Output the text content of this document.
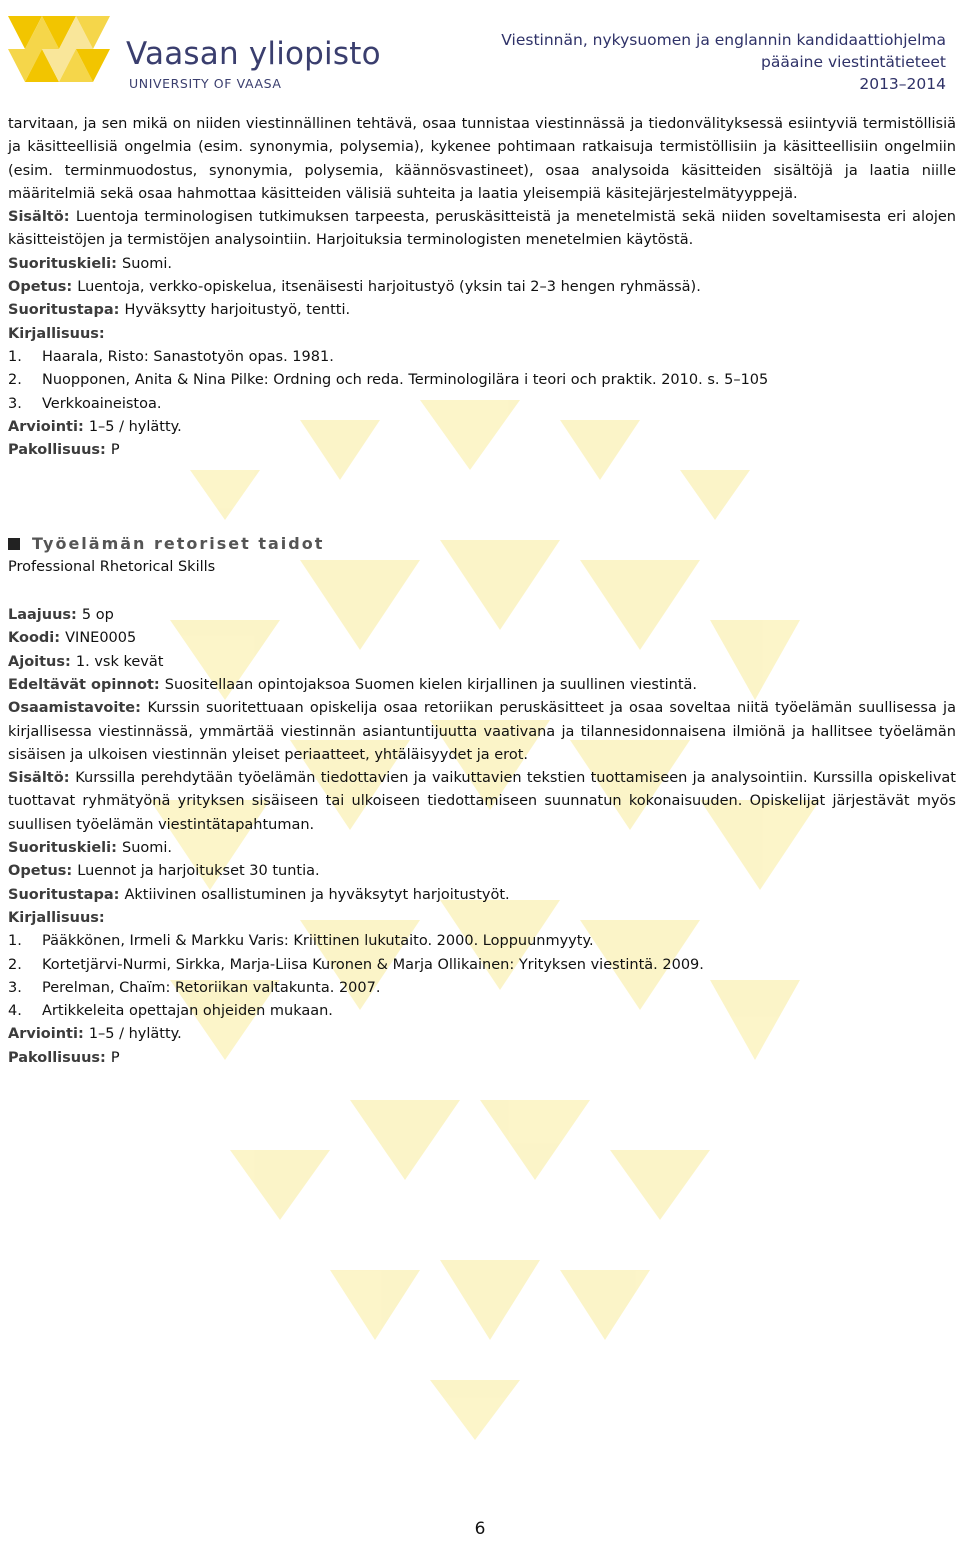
Vaasan yliopisto
UNIVERSITY OF VAASA
Viestinnän, nykysuomen ja englannin kandidaattiohjelma
pääaine viestintätieteet
2013–2014

tarvitaan, ja sen mikä on niiden viestinnällinen tehtävä, osaa tunnistaa viestinnässä ja tiedonvälityksessä esiintyviä termistöllisiä ja käsitteellisiä ongelmia (esim. synonymia, polysemia), kykenee pohtimaan ratkaisuja termistöllisiin ja käsitteellisiin ongelmiin (esim. terminmuodostus, synonymia, polysemia, käännösvastineet), osaa analysoida käsitteiden sisältöjä ja laatia niille määritelmiä sekä osaa hahmottaa käsitteiden välisiä suhteita ja laatia yleisempiä käsitejärjestelmätyyppejä.

Sisältö: Luentoja terminologisen tutkimuksen tarpeesta, peruskäsitteistä ja menetelmistä sekä niiden soveltamisesta eri alojen käsitteistöjen ja termistöjen analysointiin. Harjoituksia terminologisten menetelmien käytöstä.

Suorituskieli: Suomi.

Opetus: Luentoja, verkko-opiskelua, itsenäisesti harjoitustyö (yksin tai 2–3 hengen ryhmässä).

Suoritustapa: Hyväksytty harjoitustyö, tentti.

Kirjallisuus:

1.	Haarala, Risto: Sanastotyön opas. 1981.
2.	Nuopponen, Anita & Nina Pilke: Ordning och reda. Terminologilära i teori och praktik. 2010. s. 5–105
3.	Verkkoaineistoa.

Arviointi: 1–5 / hylätty.

Pakollisuus: P

Työelämän retoriset taidot

Professional Rhetorical Skills

Laajuus: 5 op

Koodi: VINE0005

Ajoitus: 1. vsk kevät

Edeltävät opinnot: Suositellaan opintojaksoa Suomen kielen kirjallinen ja suullinen viestintä.

Osaamistavoite: Kurssin suoritettuaan opiskelija osaa retoriikan peruskäsitteet ja osaa soveltaa niitä työelämän suullisessa ja kirjallisessa viestinnässä, ymmärtää viestinnän asiantuntijuutta vaativana ja tilannesidonnaisena ilmiönä ja hallitsee työelämän sisäisen ja ulkoisen viestinnän yleiset periaatteet, yhtäläisyydet ja erot.

Sisältö: Kurssilla perehdytään työelämän tiedottavien ja vaikuttavien tekstien tuottamiseen ja analysointiin. Kurssilla opiskelivat tuottavat ryhmätyönä yrityksen sisäiseen tai ulkoiseen tiedottamiseen suunnatun kokonaisuuden. Opiskelijat järjestävät myös suullisen työelämän viestintätapahtuman.

Suorituskieli: Suomi.

Opetus: Luennot ja harjoitukset 30 tuntia.

Suoritustapa: Aktiivinen osallistuminen ja hyväksytyt harjoitustyöt.

Kirjallisuus:

1.	Pääkkönen, Irmeli & Markku Varis: Kriittinen lukutaito. 2000. Loppuunmyyty.
2.	Kortetjärvi-Nurmi, Sirkka, Marja-Liisa Kuronen & Marja Ollikainen: Yrityksen viestintä. 2009.
3.	Perelman, Chaïm: Retoriikan valtakunta. 2007.
4.	Artikkeleita opettajan ohjeiden mukaan.

Arviointi: 1–5 / hylätty.

Pakollisuus: P

6
